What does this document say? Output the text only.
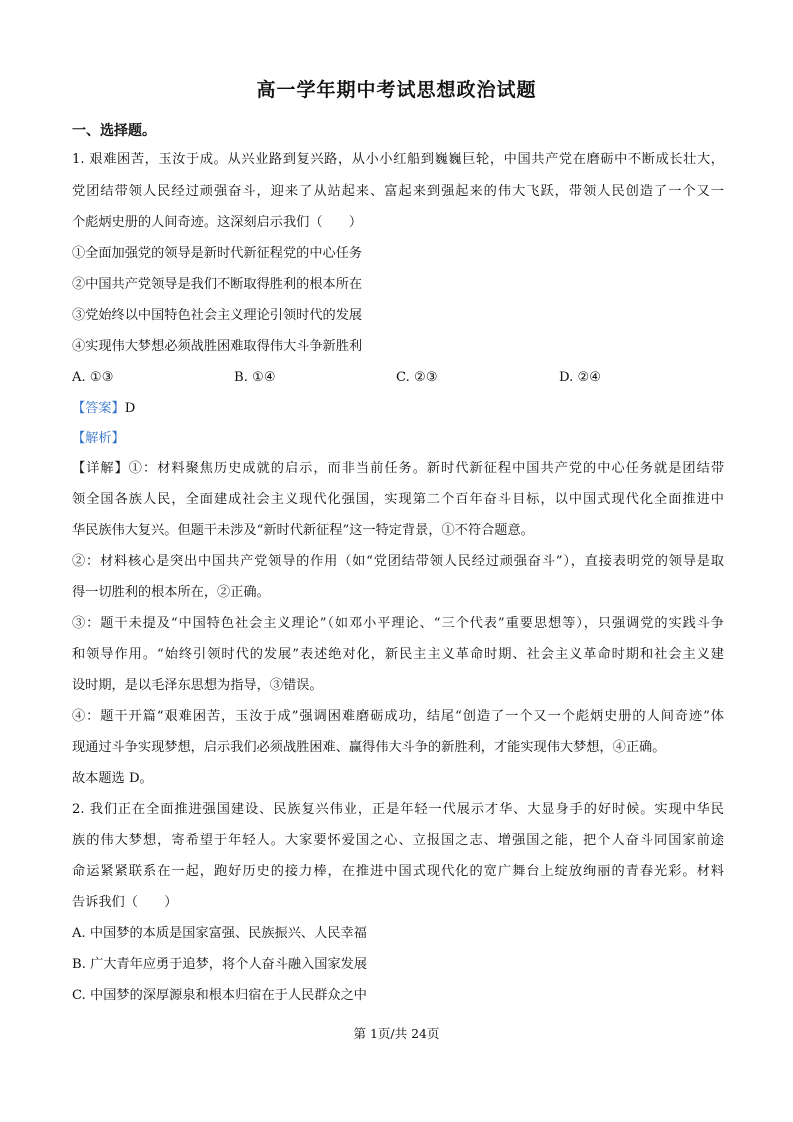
高一学年期中考试思想政治试题
一、选择题。
1. 艰难困苦，玉汝于成。从兴业路到复兴路，从小小红船到巍巍巨轮，中国共产党在磨砺中不断成长壮大，
党团结带领人民经过顽强奋斗，迎来了从站起来、富起来到强起来的伟大飞跃，带领人民创造了一个又一
个彪炳史册的人间奇迹。这深刻启示我们（　　）
①全面加强党的领导是新时代新征程党的中心任务
②中国共产党领导是我们不断取得胜利的根本所在
③党始终以中国特色社会主义理论引领时代的发展
④实现伟大梦想必须战胜困难取得伟大斗争新胜利
A. ①③	B. ①④	C. ②③	D. ②④
【答案】D
【解析】
【详解】①：材料聚焦历史成就的启示，而非当前任务。新时代新征程中国共产党的中心任务就是团结带
领全国各族人民，全面建成社会主义现代化强国，实现第二个百年奋斗目标，以中国式现代化全面推进中
华民族伟大复兴。但题干未涉及“新时代新征程”这一特定背景，①不符合题意。
②：材料核心是突出中国共产党领导的作用（如“党团结带领人民经过顽强奋斗”），直接表明党的领导是取
得一切胜利的根本所在，②正确。
③：题干未提及“中国特色社会主义理论”（如邓小平理论、“三个代表”重要思想等），只强调党的实践斗争
和领导作用。“始终引领时代的发展”表述绝对化，新民主主义革命时期、社会主义革命时期和社会主义建
设时期，是以毛泽东思想为指导，③错误。
④：题干开篇“艰难困苦，玉汝于成”强调困难磨砺成功，结尾“创造了一个又一个彪炳史册的人间奇迹”体
现通过斗争实现梦想，启示我们必须战胜困难、赢得伟大斗争的新胜利，才能实现伟大梦想，④正确。
故本题选 D。
2. 我们正在全面推进强国建设、民族复兴伟业，正是年轻一代展示才华、大显身手的好时候。实现中华民
族的伟大梦想，寄希望于年轻人。大家要怀爱国之心、立报国之志、增强国之能，把个人奋斗同国家前途
命运紧紧联系在一起，跑好历史的接力棒，在推进中国式现代化的宽广舞台上绽放绚丽的青春光彩。材料
告诉我们（　　）
A. 中国梦的本质是国家富强、民族振兴、人民幸福
B. 广大青年应勇于追梦，将个人奋斗融入国家发展
C. 中国梦的深厚源泉和根本归宿在于人民群众之中
第 1页/共 24页
